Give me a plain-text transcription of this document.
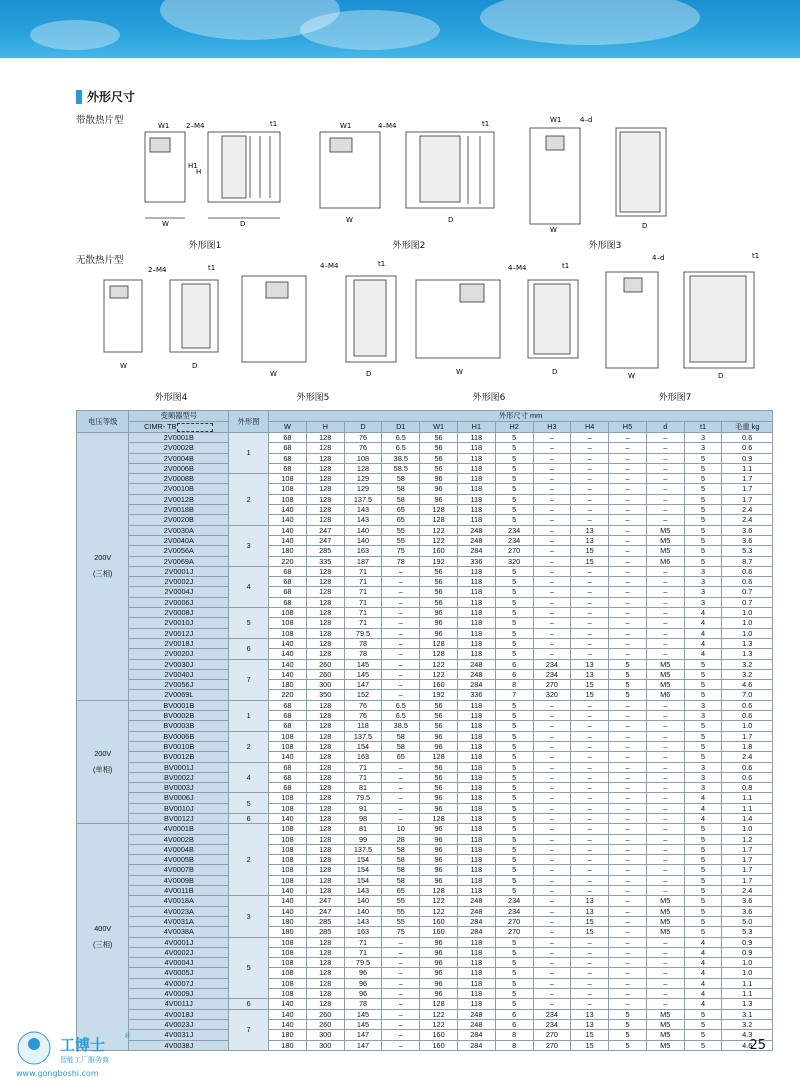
外形尺寸
带散热片型
无散热片型
W1 2–M4	t1
W	D
H1
H
外形图1
W1	4–M4	t1
W	D
外形图2
W1	4–d
W	D
外形图3
2–M4	t1
W	D
外形图4
4–M4	t1
W	D
外形图5
4–M4	t1
W	D
外形图6
4–d	t1
W	D
外形图7
电压等级	变频器型号	外形图	外形尺寸 mm												
	CIMR- TB		W	H	D	D1	W1	H1	H2	H3	H4	H5	d	t1	毛重 kg

200V
(三相)	2V0001B	1	68	128	76	6.5	56	118	5	–	–	–	–	3	0.6
	2V0002B		68	128	76	6.5	56	118	5	–	–	–	–	3	0.6
	2V0004B		68	128	108	38.5	56	118	5	–	–	–	–	5	0.9
	2V0006B		68	128	128	58.5	56	118	5	–	–	–	–	5	1.1
	2V0008B	2	108	128	129	58	96	118	5	–	–	–	–	5	1.7
	2V0010B		108	128	129	58	96	118	5	–	–	–	–	5	1.7
	2V0012B		108	128	137.5	58	96	118	5	–	–	–	–	5	1.7
	2V0018B		140	128	143	65	128	118	5	–	–	–	–	5	2.4
	2V0020B		140	128	143	65	128	118	5	–	–	–	–	5	2.4
	2V0030A	3	140	247	140	55	122	248	234	–	13	–	M5	5	3.6
	2V0040A		140	247	140	55	122	248	234	–	13	–	M5	5	3.6
	2V0056A		180	285	163	75	160	284	270	–	15	–	M5	5	5.3
	2V0069A		220	335	187	78	192	336	320	–	15	–	M6	5	8.7
	2V0001J	4	68	128	71	–	56	118	5	–	–	–	–	3	0.6
	2V0002J		68	128	71	–	56	118	5	–	–	–	–	3	0.6
	2V0004J		68	128	71	–	56	118	5	–	–	–	–	3	0.7
	2V0006J		68	128	71	–	56	118	5	–	–	–	–	3	0.7
	2V0008J	5	108	128	71	–	96	118	5	–	–	–	–	4	1.0
	2V0010J		108	128	71	–	96	118	5	–	–	–	–	4	1.0
	2V0012J		108	128	79.5	–	96	118	5	–	–	–	–	4	1.0
	2V0018J	6	140	128	78	–	128	118	5	–	–	–	–	4	1.3
	2V0020J		140	128	78	–	128	118	5	–	–	–	–	4	1.3
	2V0030J	7	140	260	145	–	122	248	6	234	13	5	M5	5	3.2
	2V0040J		140	260	145	–	122	248	6	234	13	5	M5	5	3.2
	2V0056J		180	300	147	–	160	284	8	270	15	5	M5	5	4.6
	2V0069L		220	350	152	–	192	336	7	320	15	5	M6	5	7.0

200V
(单相)	BV0001B	1	68	128	76	6.5	56	118	5	–	–	–	–	3	0.6
	BV0002B		68	128	76	6.5	56	118	5	–	–	–	–	3	0.6
	BV0003B		68	128	118	38.5	56	118	5	–	–	–	–	5	1.0
	BV0006B	2	108	128	137.5	58	96	118	5	–	–	–	–	5	1.7
	BV0010B		108	128	154	58	96	118	5	–	–	–	–	5	1.8
	BV0012B		140	128	163	65	128	118	5	–	–	–	–	5	2.4
	BV0001J	4	68	128	71	–	56	118	5	–	–	–	–	3	0.6
	BV0002J		68	128	71	–	56	118	5	–	–	–	–	3	0.6
	BV0003J		68	128	81	–	56	118	5	–	–	–	–	3	0.8
	BV0006J	5	108	128	79.5	–	96	118	5	–	–	–	–	4	1.1
	BV0010J		108	128	91	–	96	118	5	–	–	–	–	4	1.1
	BV0012J	6	140	128	98	–	128	118	5	–	–	–	–	4	1.4

400V
(三相)	4V0001B	2	108	128	81	10	96	118	5	–	–	–	–	5	1.0
	4V0002B		108	128	99	28	96	118	5	–	–	–	–	5	1.2
	4V0004B		108	128	137.5	58	96	118	5	–	–	–	–	5	1.7
	4V0005B		108	128	154	58	96	118	5	–	–	–	–	5	1.7
	4V0007B		108	128	154	58	96	118	5	–	–	–	–	5	1.7
	4V0009B		108	128	154	58	96	118	5	–	–	–	–	5	1.7
	4V0011B		140	128	143	65	128	118	5	–	–	–	–	5	2.4
	4V0018A	3	140	247	140	55	122	248	234	–	13	–	M5	5	3.6
	4V0023A		140	247	140	55	122	248	234	–	13	–	M5	5	3.6
	4V0031A		180	285	143	55	160	284	270	–	15	–	M5	5	5.0
	4V0038A		180	285	163	75	160	284	270	–	15	–	M5	5	5.3
	4V0001J	5	108	128	71	–	96	118	5	–	–	–	–	4	0.9
	4V0002J		108	128	71	–	96	118	5	–	–	–	–	4	0.9
	4V0004J		108	128	79.5	–	96	118	5	–	–	–	–	4	1.0
	4V0005J		108	128	96	–	96	118	5	–	–	–	–	4	1.0
	4V0007J		108	128	96	–	96	118	5	–	–	–	–	4	1.1
	4V0009J		108	128	96	–	96	118	5	–	–	–	–	4	1.1
	4V0011J	6	140	128	78	–	128	118	5	–	–	–	–	4	1.3
	4V0018J	7	140	260	145	–	122	248	6	234	13	5	M5	5	3.1
	4V0023J		140	260	145	–	122	248	6	234	13	5	M5	5	3.2
	4V0031J		180	300	147	–	160	284	8	270	15	5	M5	5	4.3
	4V0038J		180	300	147	–	160	284	8	270	15	5	M5	5	4.6
工博士	®
智能工厂服务商
www.gongboshi.com
25
